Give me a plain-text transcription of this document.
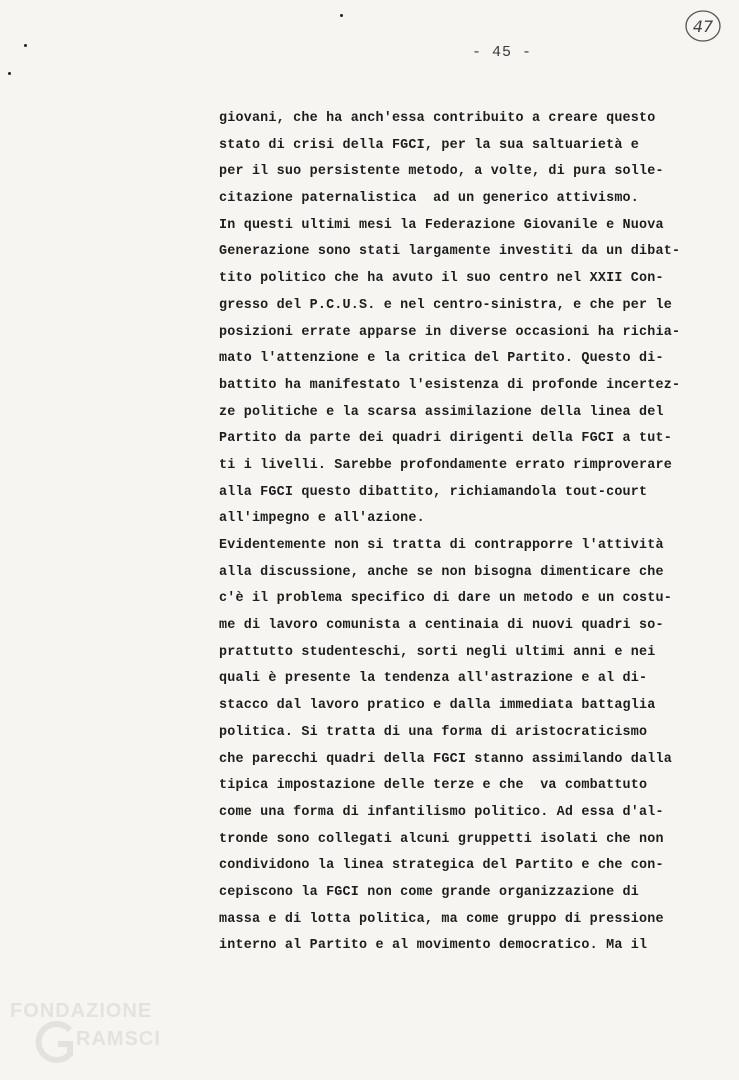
47
- 45 -
giovani, che ha anch'essa contribuito a creare questo
stato di crisi della FGCI, per la sua saltuarietà e
per il suo persistente metodo, a volte, di pura solle-
citazione paternalistica  ad un generico attivismo.
In questi ultimi mesi la Federazione Giovanile e Nuova
Generazione sono stati largamente investiti da un dibat-
tito politico che ha avuto il suo centro nel XXII Con-
gresso del P.C.U.S. e nel centro-sinistra, e che per le
posizioni errate apparse in diverse occasioni ha richia-
mato l'attenzione e la critica del Partito. Questo di-
battito ha manifestato l'esistenza di profonde incertez-
ze politiche e la scarsa assimilazione della linea del
Partito da parte dei quadri dirigenti della FGCI a tut-
ti i livelli. Sarebbe profondamente errato rimproverare
alla FGCI questo dibattito, richiamandola tout-court
all'impegno e all'azione.
Evidentemente non si tratta di contrapporre l'attività
alla discussione, anche se non bisogna dimenticare che
c'è il problema specifico di dare un metodo e un costu-
me di lavoro comunista a centinaia di nuovi quadri so-
prattutto studenteschi, sorti negli ultimi anni e nei
quali è presente la tendenza all'astrazione e al di-
stacco dal lavoro pratico e dalla immediata battaglia
politica. Si tratta di una forma di aristocraticismo
che parecchi quadri della FGCI stanno assimilando dalla
tipica impostazione delle terze e che  va combattuto
come una forma di infantilismo politico. Ad essa d'al-
tronde sono collegati alcuni gruppetti isolati che non
condividono la linea strategica del Partito e che con-
cepiscono la FGCI non come grande organizzazione di
massa e di lotta politica, ma come gruppo di pressione
interno al Partito e al movimento democratico. Ma il
FONDAZIONE
RAMSCI
